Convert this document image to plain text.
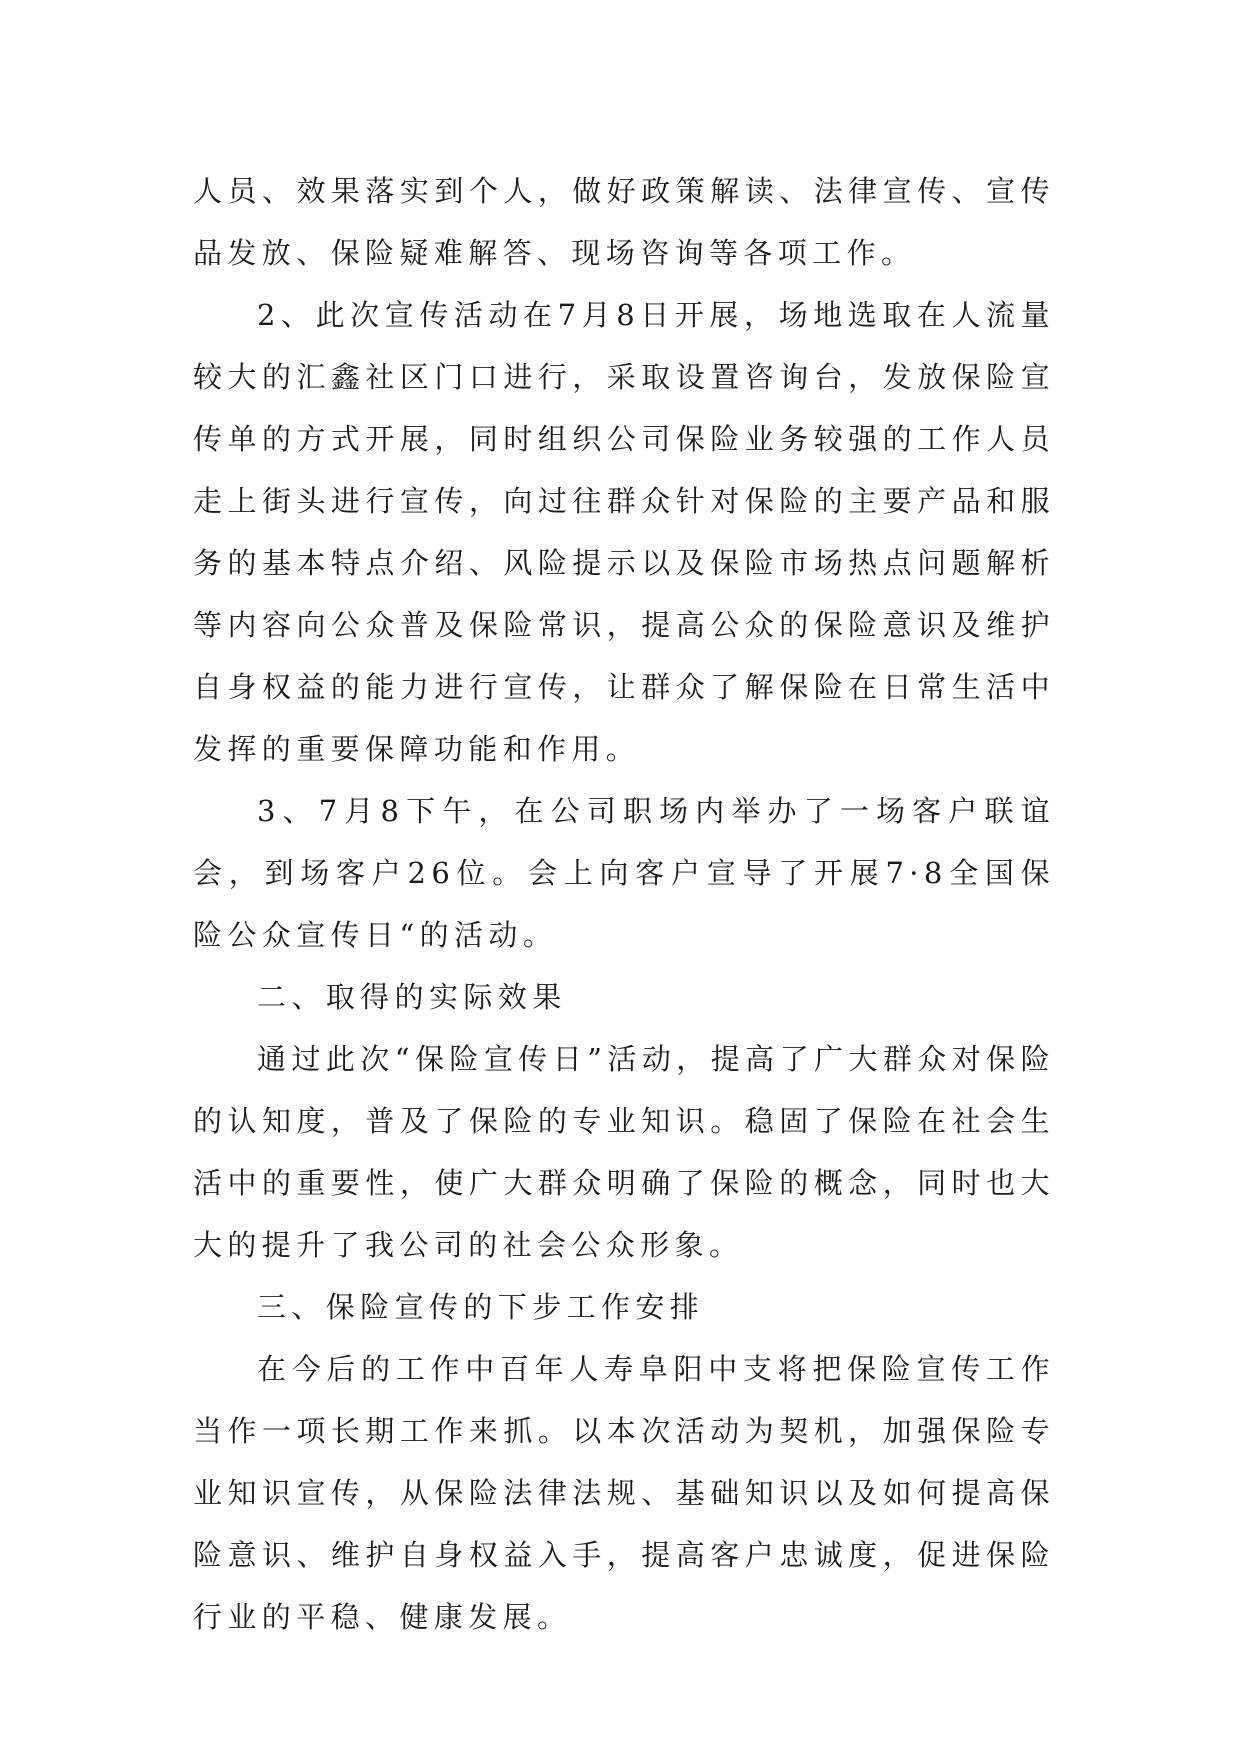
人员、效果落实到个人，做好政策解读、法律宣传、宣传品发放、保险疑难解答、现场咨询等各项工作。

2、此次宣传活动在7月8日开展，场地选取在人流量较大的汇鑫社区门口进行，采取设置咨询台，发放保险宣传单的方式开展，同时组织公司保险业务较强的工作人员走上街头进行宣传，向过往群众针对保险的主要产品和服务的基本特点介绍、风险提示以及保险市场热点问题解析等内容向公众普及保险常识，提高公众的保险意识及维护自身权益的能力进行宣传，让群众了解保险在日常生活中发挥的重要保障功能和作用。

3、7月8下午，在公司职场内举办了一场客户联谊会，到场客户26位。会上向客户宣导了开展7·8全国保险公众宣传日“的活动。

二、取得的实际效果

通过此次“保险宣传日”活动，提高了广大群众对保险的认知度，普及了保险的专业知识。稳固了保险在社会生活中的重要性，使广大群众明确了保险的概念，同时也大大的提升了我公司的社会公众形象。

三、保险宣传的下步工作安排

在今后的工作中百年人寿阜阳中支将把保险宣传工作当作一项长期工作来抓。以本次活动为契机，加强保险专业知识宣传，从保险法律法规、基础知识以及如何提高保险意识、维护自身权益入手，提高客户忠诚度，促进保险行业的平稳、健康发展。
